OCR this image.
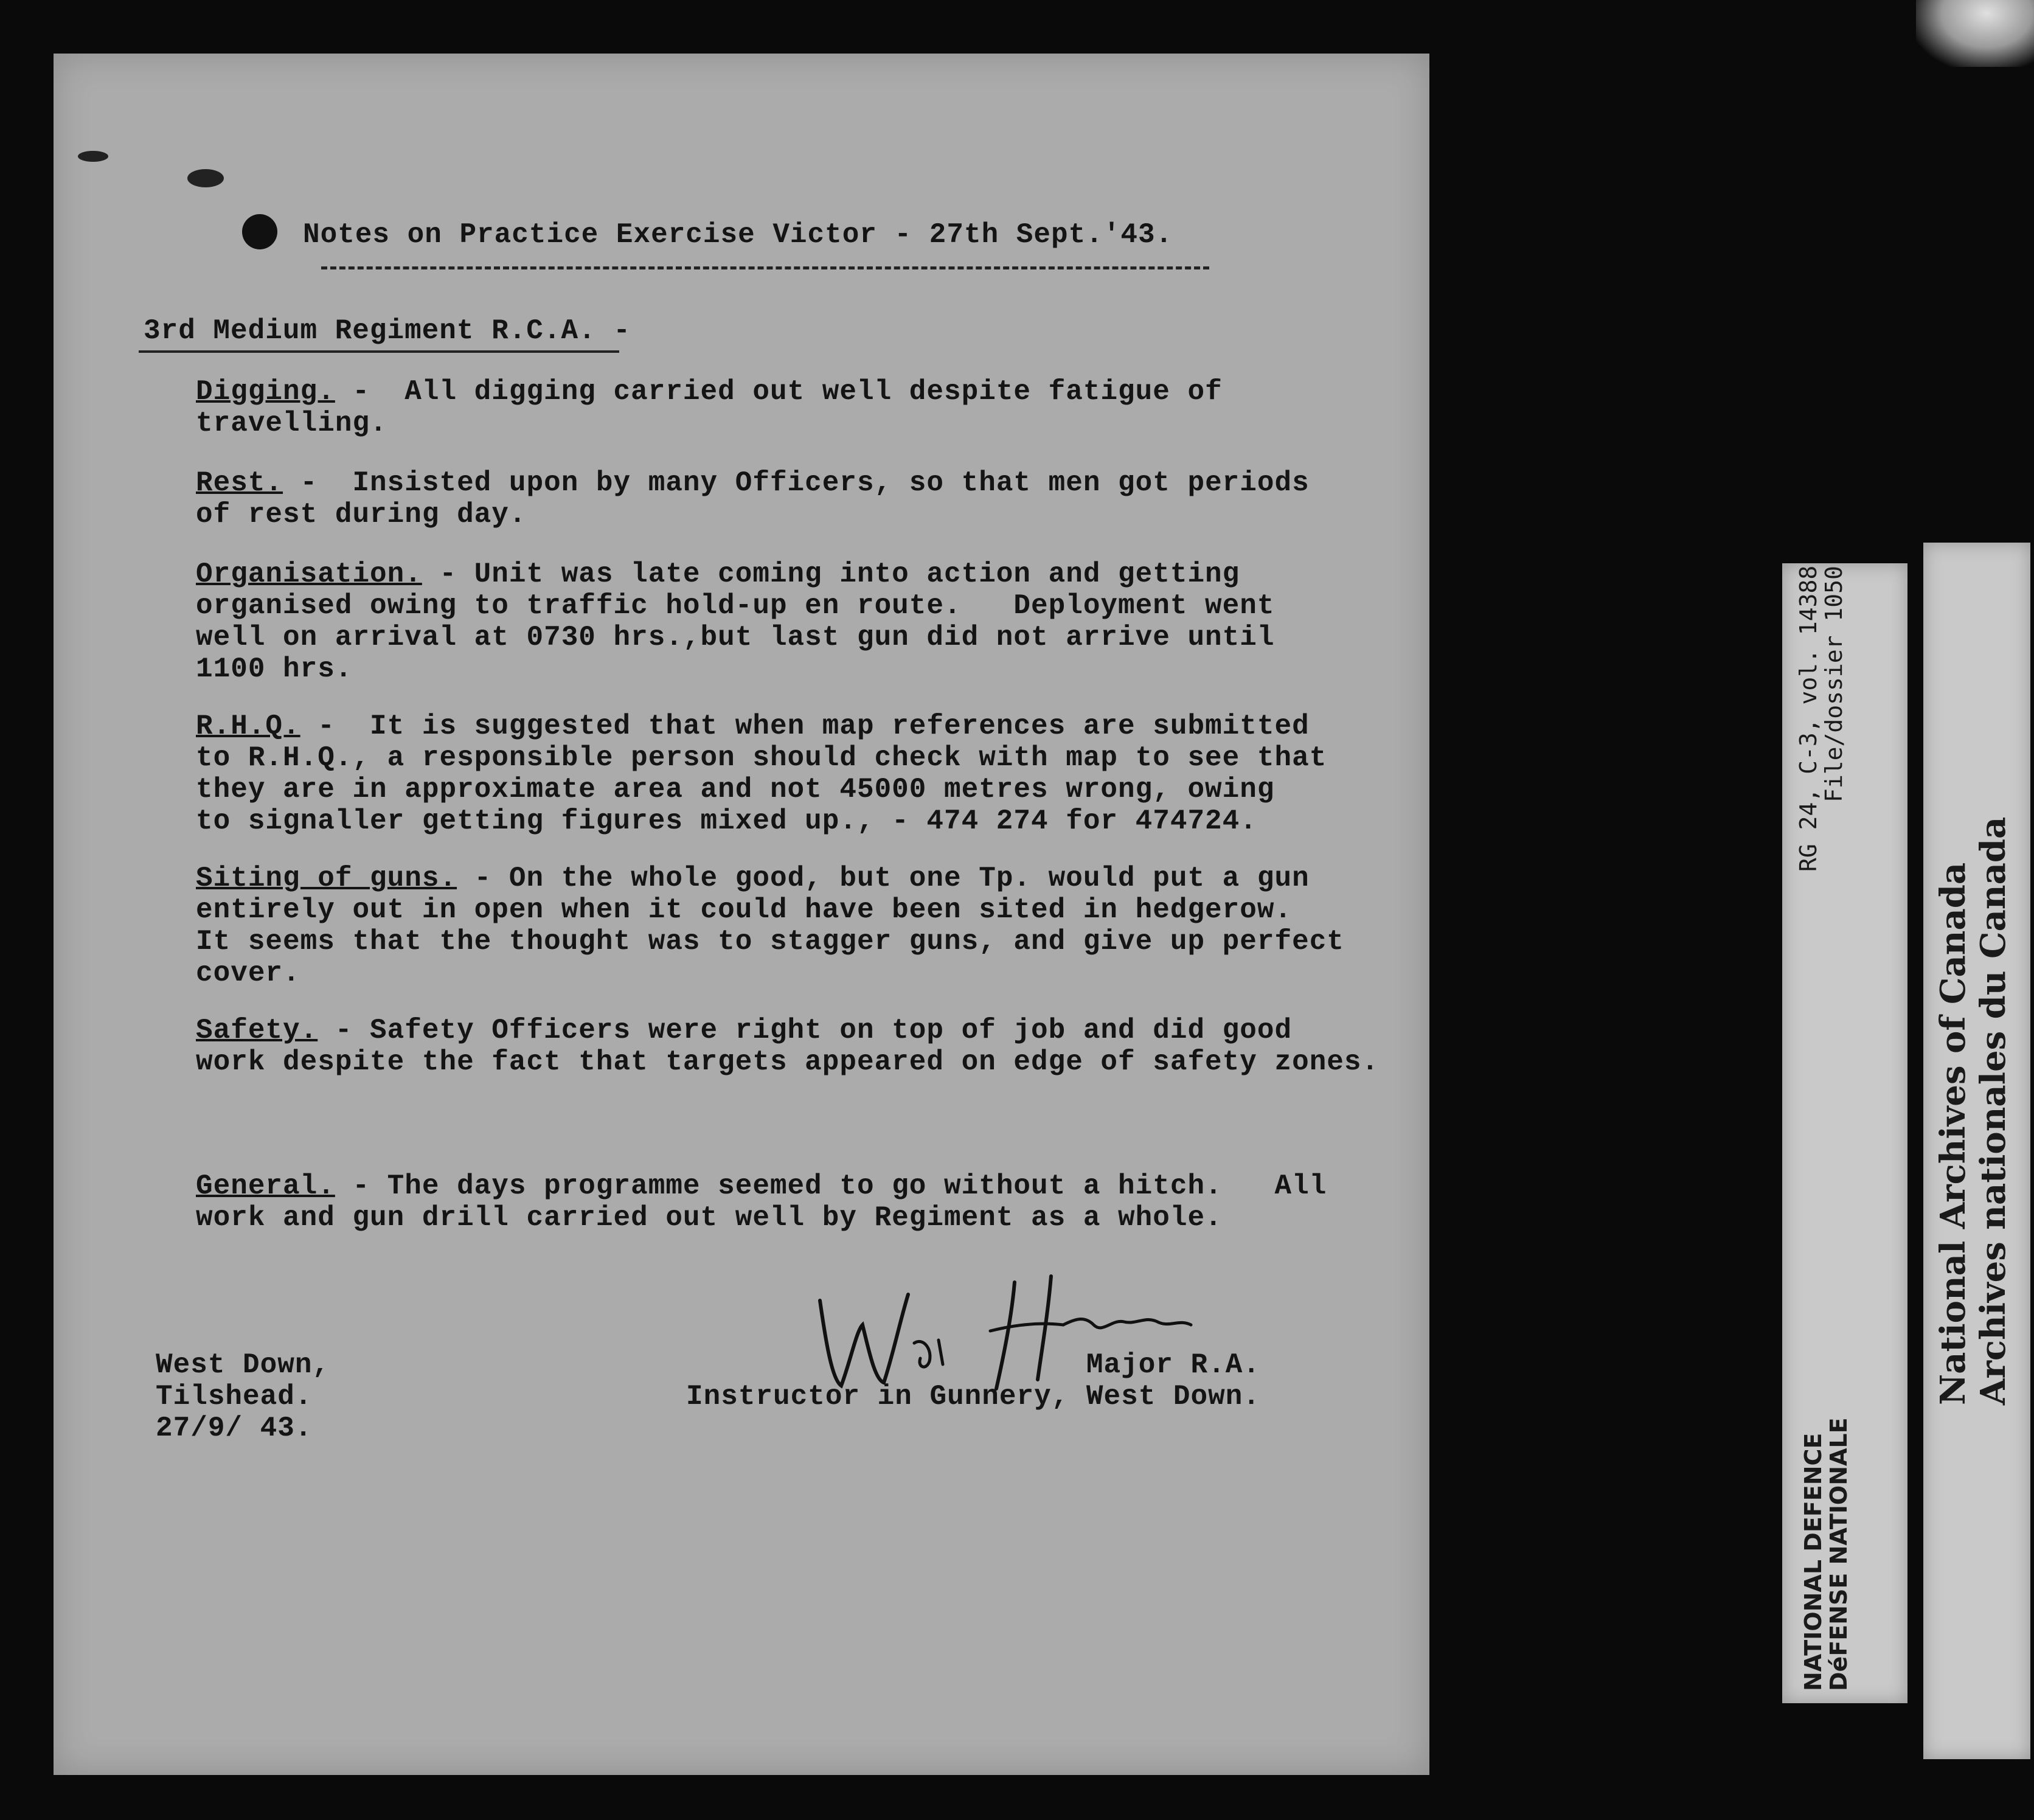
Notes on Practice Exercise Victor - 27th Sept.'43.
3rd Medium Regiment R.C.A. -
Digging. -  All digging carried out well despite fatigue of
travelling.
Rest. -  Insisted upon by many Officers, so that men got periods
of rest during day.
Organisation. - Unit was late coming into action and getting
organised owing to traffic hold-up en route.   Deployment went
well on arrival at 0730 hrs.,but last gun did not arrive until
1100 hrs.
R.H.Q. -  It is suggested that when map references are submitted
to R.H.Q., a responsible person should check with map to see that
they are in approximate area and not 45000 metres wrong, owing
to signaller getting figures mixed up., - 474 274 for 474724.
Siting of guns. - On the whole good, but one Tp. would put a gun
entirely out in open when it could have been sited in hedgerow.
It seems that the thought was to stagger guns, and give up perfect
cover.
Safety. - Safety Officers were right on top of job and did good
work despite the fact that targets appeared on edge of safety zones.
General. - The days programme seemed to go without a hitch.   All
work and gun drill carried out well by Regiment as a whole.
West Down,
Tilshead.
27/9/ 43.
Major R.A.
Instructor in Gunnery, West Down.
RG 24, C-3, vol. 14388
File/dossier 1050
NATIONAL DEFENCE
DéFENSE NATIONALE
National Archives of Canada Archives nationales du Canada
